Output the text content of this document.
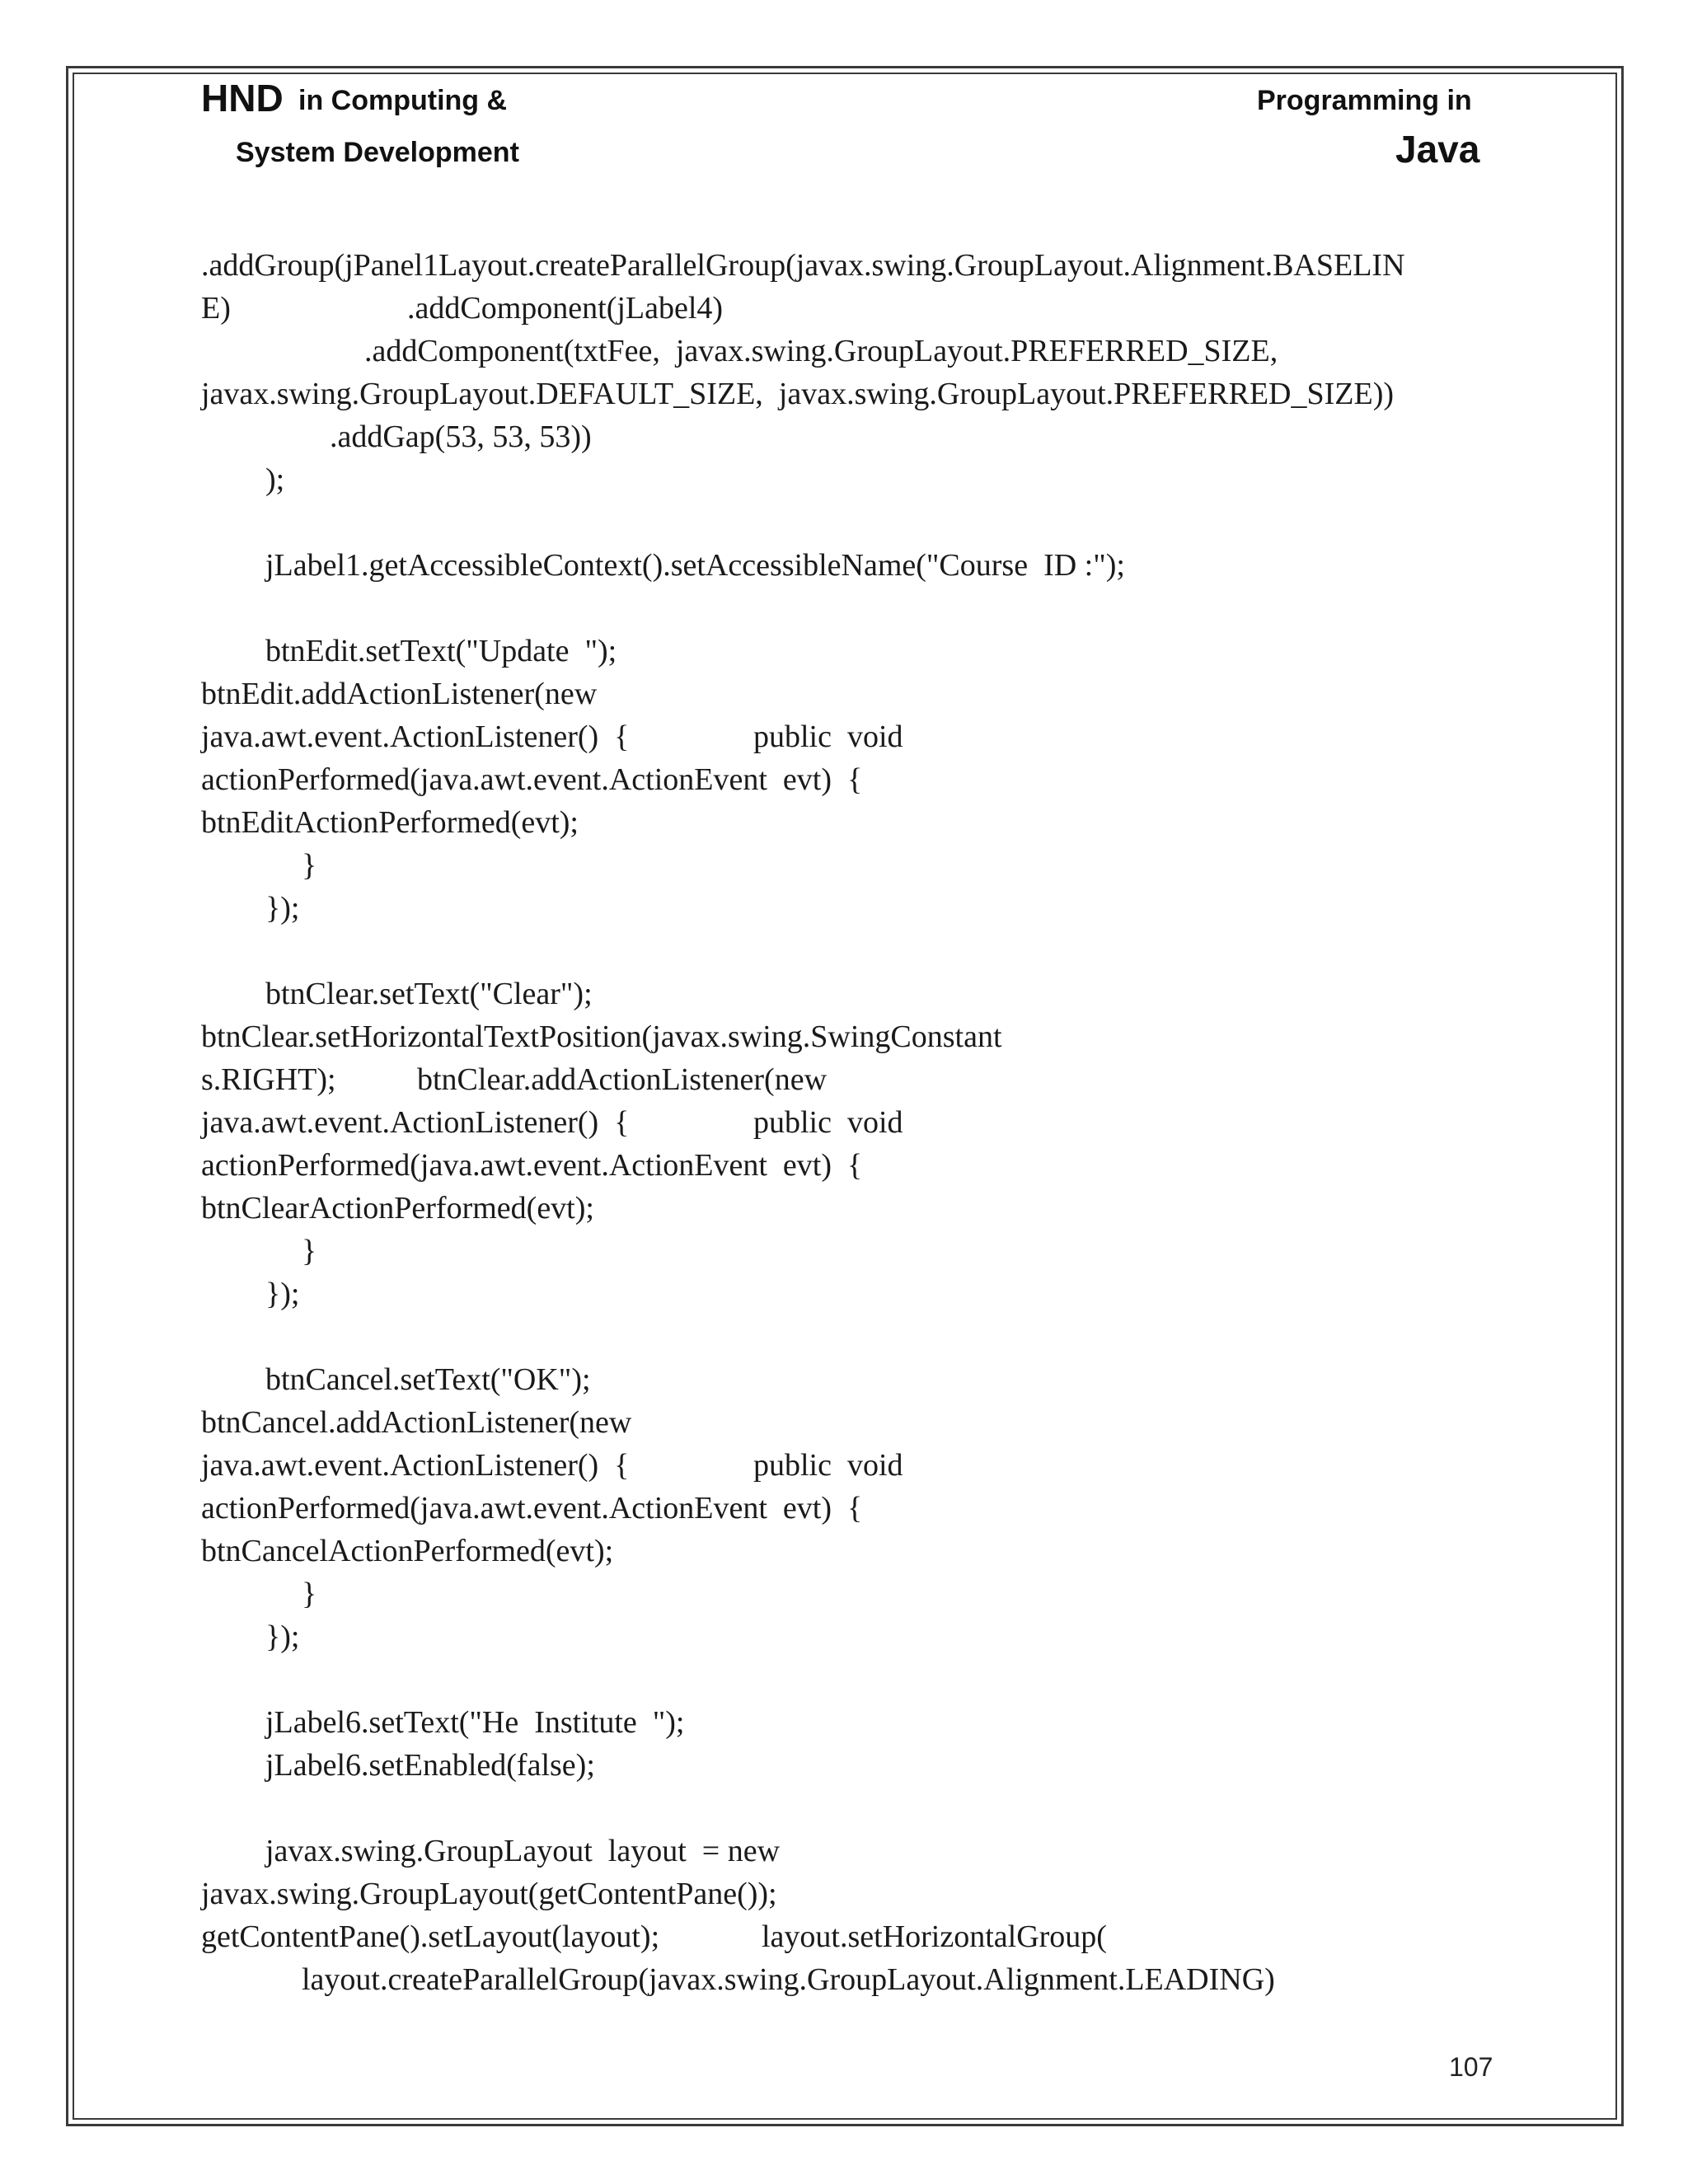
HND in Computing &
System Development
Programming in
Java
.addGroup(jPanel1Layout.createParallelGroup(javax.swing.GroupLayout.Alignment.BASELIN
E)	.addComponent(jLabel4)
.addComponent(txtFee,  javax.swing.GroupLayout.PREFERRED_SIZE,
javax.swing.GroupLayout.DEFAULT_SIZE,  javax.swing.GroupLayout.PREFERRED_SIZE))
.addGap(53, 53, 53))
);
jLabel1.getAccessibleContext().setAccessibleName("Course  ID :");
btnEdit.setText("Update  ");
btnEdit.addActionListener(new
java.awt.event.ActionListener()  {	public  void
actionPerformed(java.awt.event.ActionEvent  evt)  {
btnEditActionPerformed(evt);
}
});
btnClear.setText("Clear");
btnClear.setHorizontalTextPosition(javax.swing.SwingConstant
s.RIGHT);	btnClear.addActionListener(new
java.awt.event.ActionListener()  {	public  void
actionPerformed(java.awt.event.ActionEvent  evt)  {
btnClearActionPerformed(evt);
}
});
btnCancel.setText("OK");
btnCancel.addActionListener(new
java.awt.event.ActionListener()  {	public  void
actionPerformed(java.awt.event.ActionEvent  evt)  {
btnCancelActionPerformed(evt);
}
});
jLabel6.setText("He  Institute  ");
jLabel6.setEnabled(false);
javax.swing.GroupLayout  layout  = new
javax.swing.GroupLayout(getContentPane());
getContentPane().setLayout(layout);	layout.setHorizontalGroup(
layout.createParallelGroup(javax.swing.GroupLayout.Alignment.LEADING)
107
